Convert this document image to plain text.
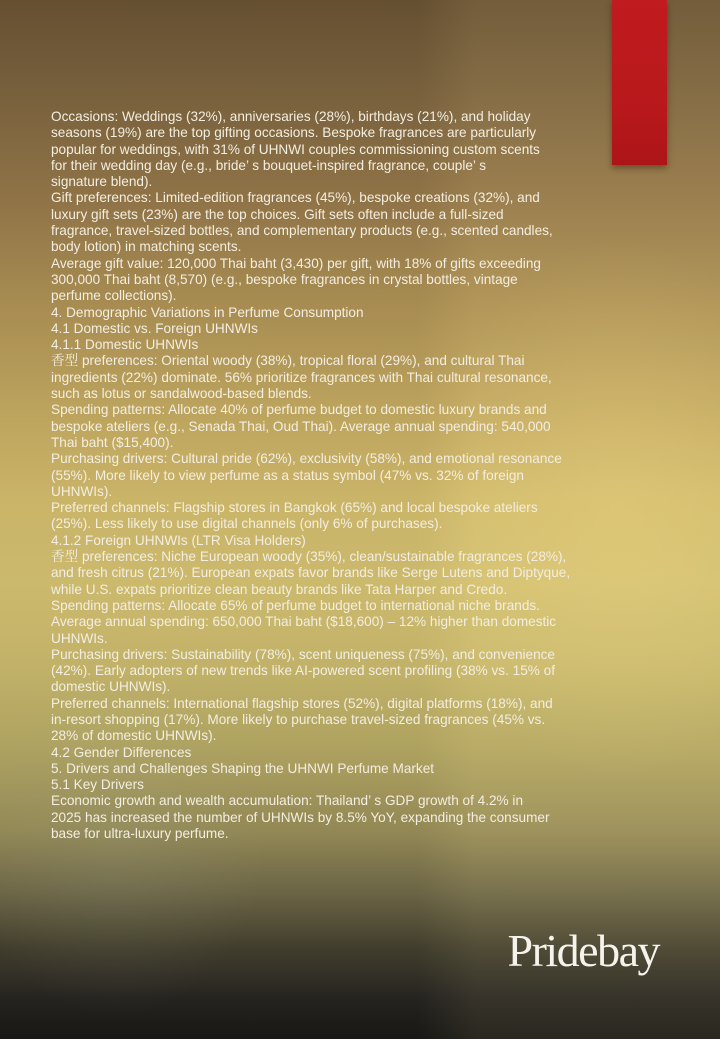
Occasions: Weddings (32%), anniversaries (28%), birthdays (21%), and holiday
seasons (19%) are the top gifting occasions. Bespoke fragrances are particularly
popular for weddings, with 31% of UHNWI couples commissioning custom scents
for their wedding day (e.g., bride’ s bouquet-inspired fragrance, couple’ s
signature blend).
Gift preferences: Limited-edition fragrances (45%), bespoke creations (32%), and
luxury gift sets (23%) are the top choices. Gift sets often include a full-sized
fragrance, travel-sized bottles, and complementary products (e.g., scented candles,
body lotion) in matching scents.
Average gift value: 120,000 Thai baht (3,430) per gift, with 18% of gifts exceeding
300,000 Thai baht (8,570) (e.g., bespoke fragrances in crystal bottles, vintage
perfume collections).
4. Demographic Variations in Perfume Consumption
4.1 Domestic vs. Foreign UHNWIs
4.1.1 Domestic UHNWIs
香型 preferences: Oriental woody (38%), tropical floral (29%), and cultural Thai
ingredients (22%) dominate. 56% prioritize fragrances with Thai cultural resonance,
such as lotus or sandalwood-based blends.
Spending patterns: Allocate 40% of perfume budget to domestic luxury brands and
bespoke ateliers (e.g., Senada Thai, Oud Thai). Average annual spending: 540,000
Thai baht ($15,400).
Purchasing drivers: Cultural pride (62%), exclusivity (58%), and emotional resonance
(55%). More likely to view perfume as a status symbol (47% vs. 32% of foreign
UHNWIs).
Preferred channels: Flagship stores in Bangkok (65%) and local bespoke ateliers
(25%). Less likely to use digital channels (only 6% of purchases).
4.1.2 Foreign UHNWIs (LTR Visa Holders)
香型 preferences: Niche European woody (35%), clean/sustainable fragrances (28%),
and fresh citrus (21%). European expats favor brands like Serge Lutens and Diptyque,
while U.S. expats prioritize clean beauty brands like Tata Harper and Credo.
Spending patterns: Allocate 65% of perfume budget to international niche brands.
Average annual spending: 650,000 Thai baht ($18,600) – 12% higher than domestic
UHNWIs.
Purchasing drivers: Sustainability (78%), scent uniqueness (75%), and convenience
(42%). Early adopters of new trends like AI-powered scent profiling (38% vs. 15% of
domestic UHNWIs).
Preferred channels: International flagship stores (52%), digital platforms (18%), and
in-resort shopping (17%). More likely to purchase travel-sized fragrances (45% vs.
28% of domestic UHNWIs).
4.2 Gender Differences
5. Drivers and Challenges Shaping the UHNWI Perfume Market
5.1 Key Drivers
Economic growth and wealth accumulation: Thailand’ s GDP growth of 4.2% in
2025 has increased the number of UHNWIs by 8.5% YoY, expanding the consumer
base for ultra-luxury perfume.
Pridebay
